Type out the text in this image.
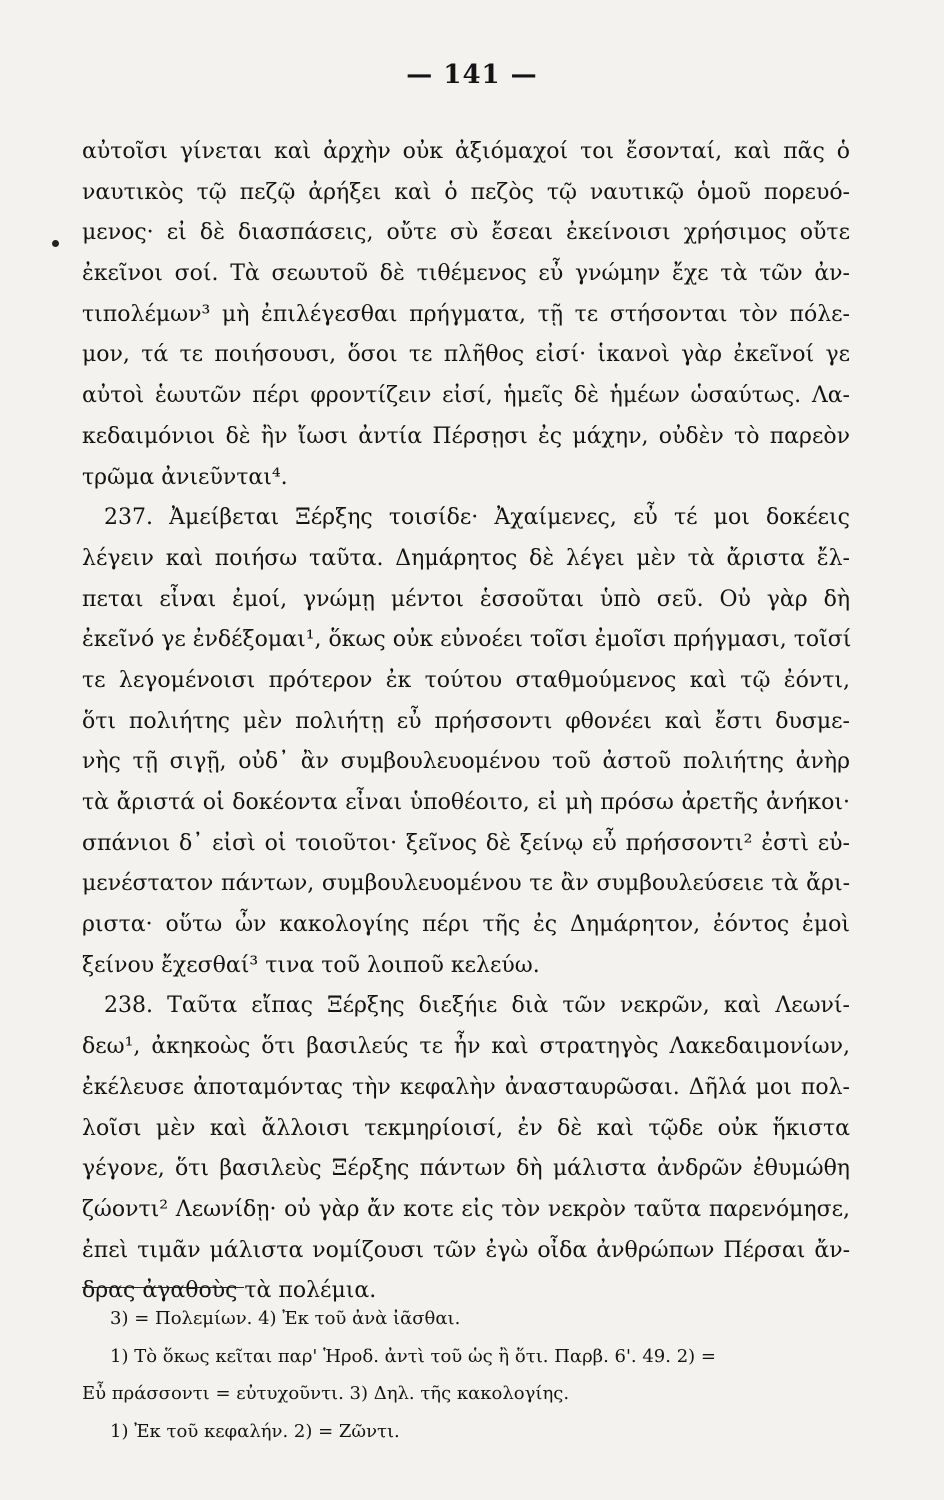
— 141 —
αὐτοῖσι γίνεται καὶ ἀρχὴν οὐκ ἀξιόμαχοί τοι ἔσονταί, καὶ πᾶς ὁ
ναυτικὸς τῷ πεζῷ ἀρήξει καὶ ὁ πεζὸς τῷ ναυτικῷ ὁμοῦ πορευό-
μενος· εἰ δὲ διασπάσεις, οὔτε σὺ ἔσεαι ἐκείνοισι χρήσιμος οὔτε
ἐκεῖνοι σοί. Τὰ σεωυτοῦ δὲ τιθέμενος εὖ γνώμην ἔχε τὰ τῶν ἀν-
τιπολέμων³ μὴ ἐπιλέγεσθαι πρήγματα, τῇ τε στήσονται τὸν πόλε-
μον, τά τε ποιήσουσι, ὅσοι τε πλῆθος εἰσί· ἱκανοὶ γὰρ ἐκεῖνοί γε
αὐτοὶ ἑωυτῶν πέρι φροντίζειν εἰσί, ἡμεῖς δὲ ἡμέων ὡσαύτως. Λα-
κεδαιμόνιοι δὲ ἢν ἴωσι ἀντία Πέρσῃσι ἐς μάχην, οὐδὲν τὸ παρεὸν
τρῶμα ἀνιεῦνται⁴.
237. Ἀμείβεται Ξέρξης τοισίδε· Ἀχαίμενες, εὖ τέ μοι δοκέεις
λέγειν καὶ ποιήσω ταῦτα. Δημάρητος δὲ λέγει μὲν τὰ ἄριστα ἔλ-
πεται εἶναι ἐμοί, γνώμῃ μέντοι ἑσσοῦται ὑπὸ σεῦ. Οὐ γὰρ δὴ
ἐκεῖνό γε ἐνδέξομαι¹, ὅκως οὐκ εὐνοέει τοῖσι ἐμοῖσι πρήγμασι, τοῖσί
τε λεγομένοισι πρότερον ἐκ τούτου σταθμούμενος καὶ τῷ ἐόντι,
ὅτι πολιήτης μὲν πολιήτῃ εὖ πρήσσοντι φθονέει καὶ ἔστι δυσμε-
νὴς τῇ σιγῇ, οὐδ᾽ ἂν συμβουλευομένου τοῦ ἀστοῦ πολιήτης ἀνὴρ
τὰ ἄριστά οἱ δοκέοντα εἶναι ὑποθέοιτο, εἰ μὴ πρόσω ἀρετῆς ἀνήκοι·
σπάνιοι δ᾽ εἰσὶ οἱ τοιοῦτοι· ξεῖνος δὲ ξείνῳ εὖ πρήσσοντι² ἐστὶ εὐ-
μενέστατον πάντων, συμβουλευομένου τε ἂν συμβουλεύσειε τὰ ἄρι-
ριστα· οὕτω ὦν κακολογίης πέρι τῆς ἐς Δημάρητον, ἐόντος ἐμοὶ
ξείνου ἔχεσθαί³ τινα τοῦ λοιποῦ κελεύω.
238. Ταῦτα εἴπας Ξέρξης διεξήιε διὰ τῶν νεκρῶν, καὶ Λεωνί-
δεω¹, ἀκηκοὼς ὅτι βασιλεύς τε ἦν καὶ στρατηγὸς Λακεδαιμονίων,
ἐκέλευσε ἀποταμόντας τὴν κεφαλὴν ἀνασταυρῶσαι. Δῆλά μοι πολ-
λοῖσι μὲν καὶ ἄλλοισι τεκμηρίοισί, ἐν δὲ καὶ τῷδε οὐκ ἥκιστα
γέγονε, ὅτι βασιλεὺς Ξέρξης πάντων δὴ μάλιστα ἀνδρῶν ἐθυμώθη
ζώοντι² Λεωνίδῃ· οὐ γὰρ ἄν κοτε εἰς τὸν νεκρὸν ταῦτα παρενόμησε,
ἐπεὶ τιμᾶν μάλιστα νομίζουσι τῶν ἐγὼ οἶδα ἀνθρώπων Πέρσαι ἄν-
δρας ἀγαθοὺς τὰ πολέμια.
3) = Πολεμίων. 4) Ἐκ τοῦ ἀνὰ ἰᾶσθαι.
1) Τὸ ὅκως κεῖται παρ' Ἡροδ. ἀντὶ τοῦ ὡς ἢ ὅτι. Παρβ. 6'. 49. 2) =
Εὖ πράσσοντι = εὐτυχοῦντι. 3) Δηλ. τῆς κακολογίης.
1) Ἐκ τοῦ κεφαλήν. 2) = Ζῶντι.
